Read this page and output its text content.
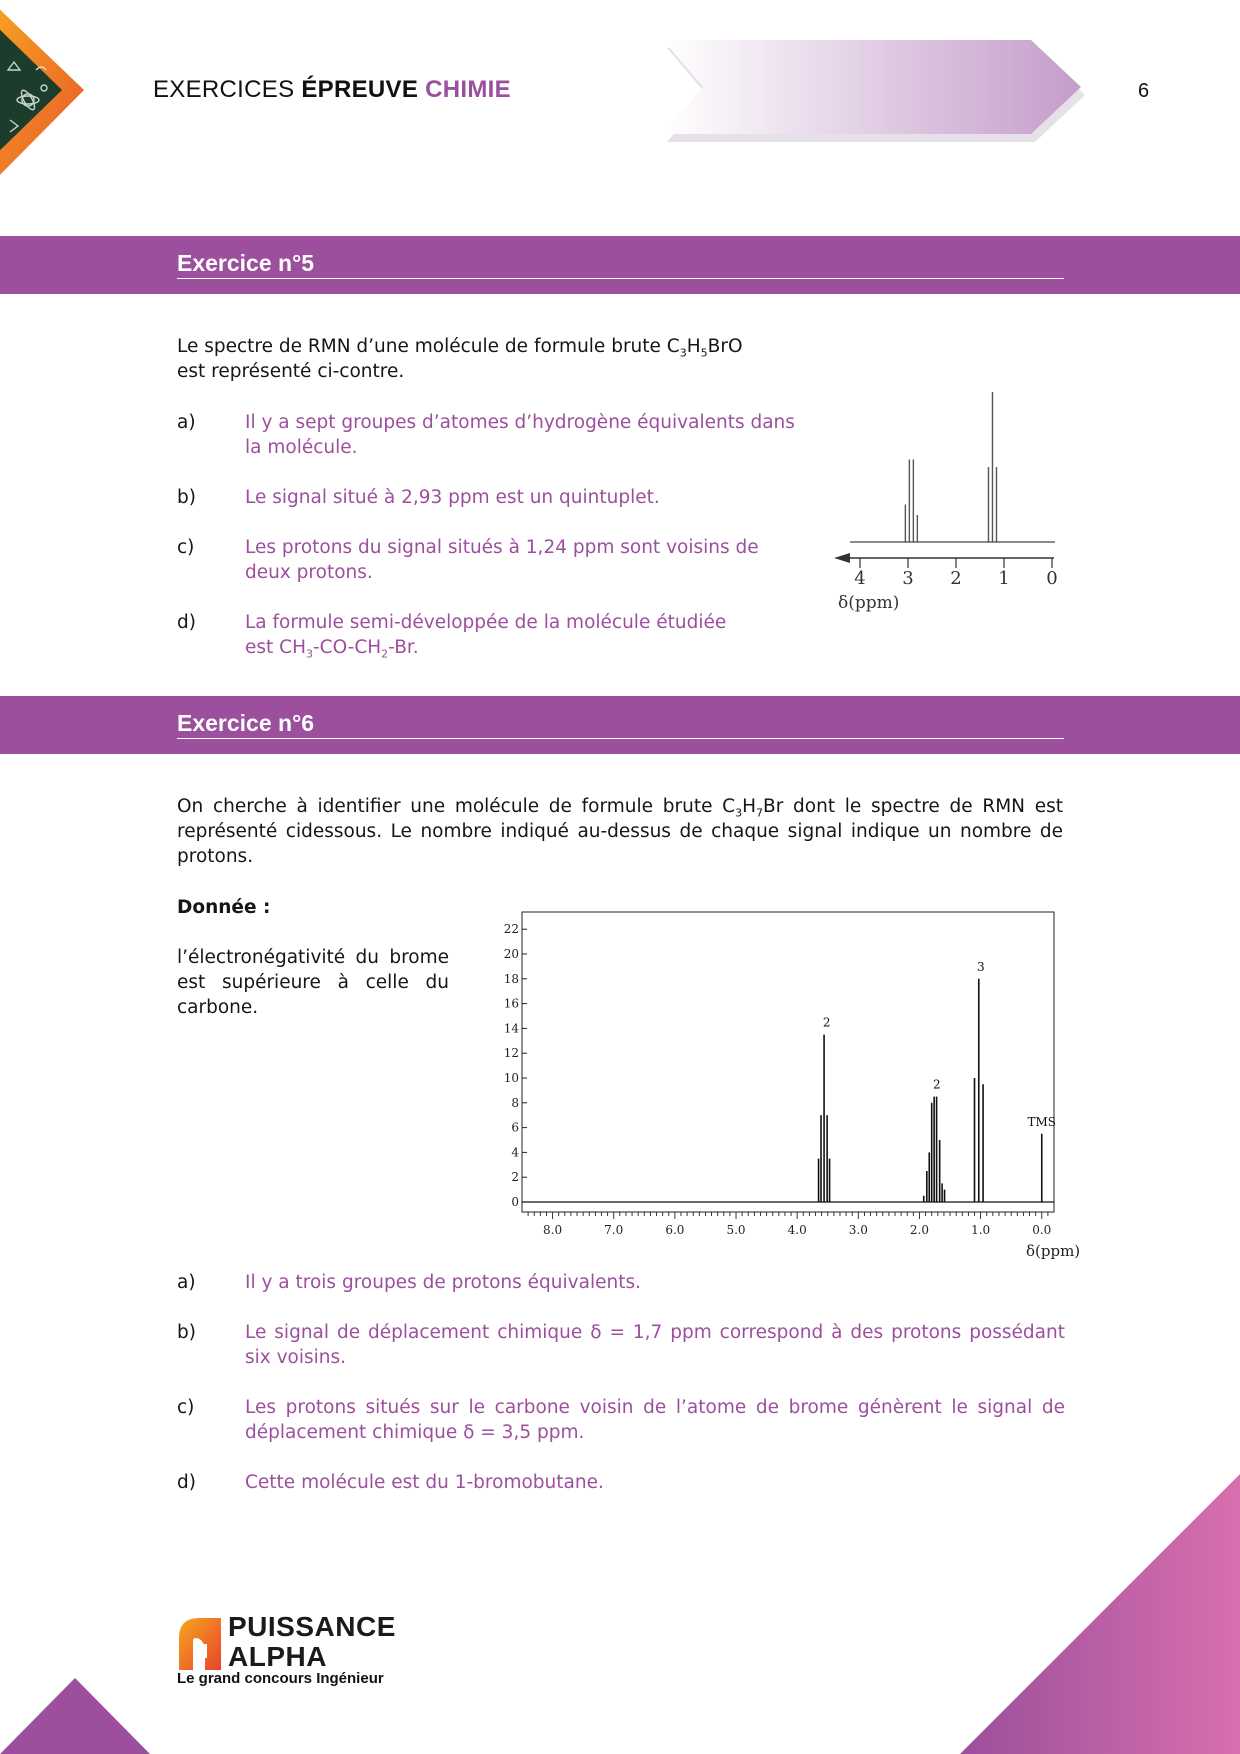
EXERCICES ÉPREUVE CHIMIE	6
Exercice n°5
Le spectre de RMN d’une molécule de formule brute $C_3H_5BrO$
est représenté ci-contre.
a)	Il y a sept groupes d’atomes d’hydrogène équivalents dans la molécule.
b)	Le signal situé à 2,93 ppm est un quintuplet.
c)	Les protons du signal situés à 1,24 ppm sont voisins de deux protons.
d)	La formule semi-développée de la molécule étudiée
est $CH_3-CO-CH_2-Br$.
4 3 2 1 0
δ(ppm)
Exercice n°6
On cherche à identifier une molécule de formule brute $C_3H_7Br$ dont le spectre de RMN est représenté cidessous. Le nombre indiqué au-dessus de chaque signal indique un nombre de protons.
Donnée :
l’électronégativité du brome est supérieure à celle du carbone.
0
2
4
6
8
10
12
14
16
18
20
22
8.0	7.0	6.0	5.0	4.0	3.0	2.0	1.0	0.0
2
2
3
TMS
δ(ppm)
a)	Il y a trois groupes de protons équivalents.
b)	Le signal de déplacement chimique δ = 1,7 ppm correspond à des protons possédant six voisins.
c)	Les protons situés sur le carbone voisin de l’atome de brome génèrent le signal de déplacement chimique δ = 3,5 ppm.
d)	Cette molécule est du 1-bromobutane.
PUISSANCE
ALPHA
Le grand concours Ingénieur
